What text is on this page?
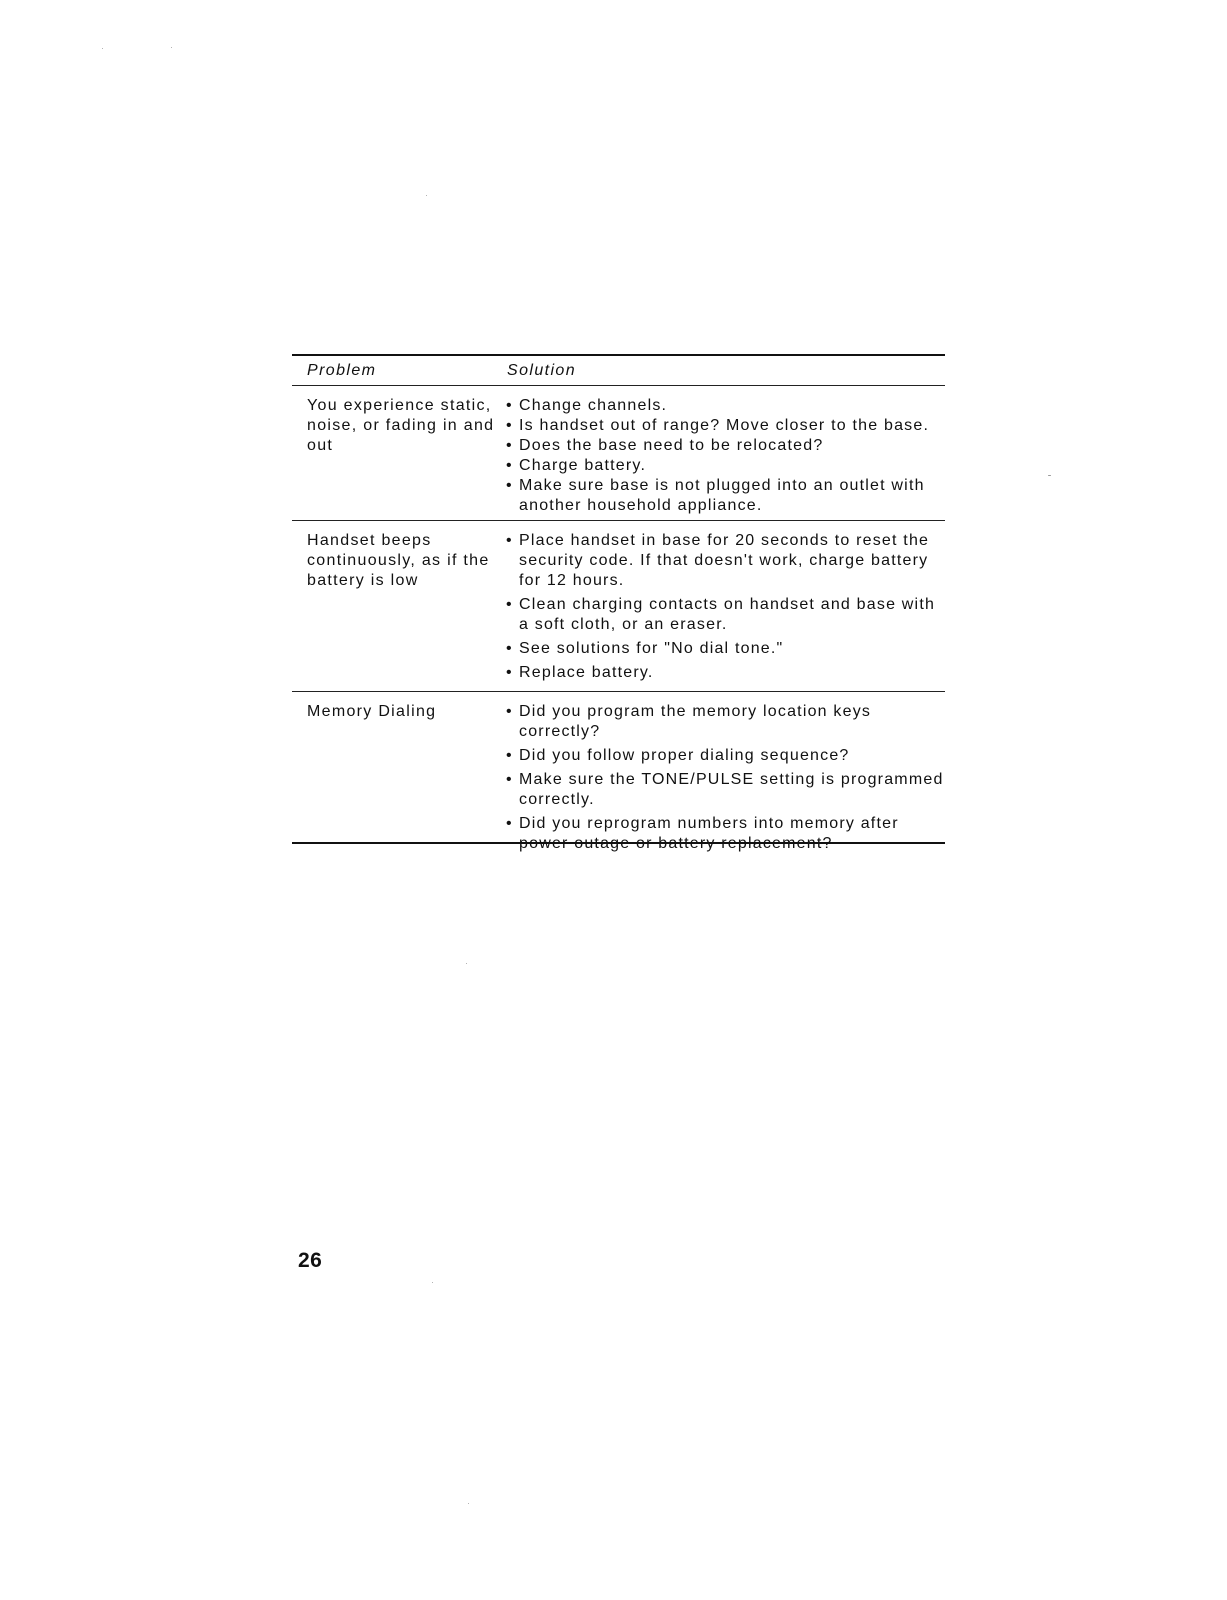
Problem	Solution
You experience static, noise, or fading in and out
• Change channels.
• Is handset out of range? Move closer to the base.
• Does the base need to be relocated?
• Charge battery.
• Make sure base is not plugged into an outlet with another household appliance.
Handset beeps continuously, as if the battery is low
• Place handset in base for 20 seconds to reset the security code. If that doesn't work, charge battery for 12 hours.
• Clean charging contacts on handset and base with a soft cloth, or an eraser.
• See solutions for "No dial tone."
• Replace battery.
Memory Dialing	• Did you program the memory location keys correctly?
• Did you follow proper dialing sequence?
• Make sure the TONE/PULSE setting is programmed correctly.
• Did you reprogram numbers into memory after power outage or battery replacement?
26
